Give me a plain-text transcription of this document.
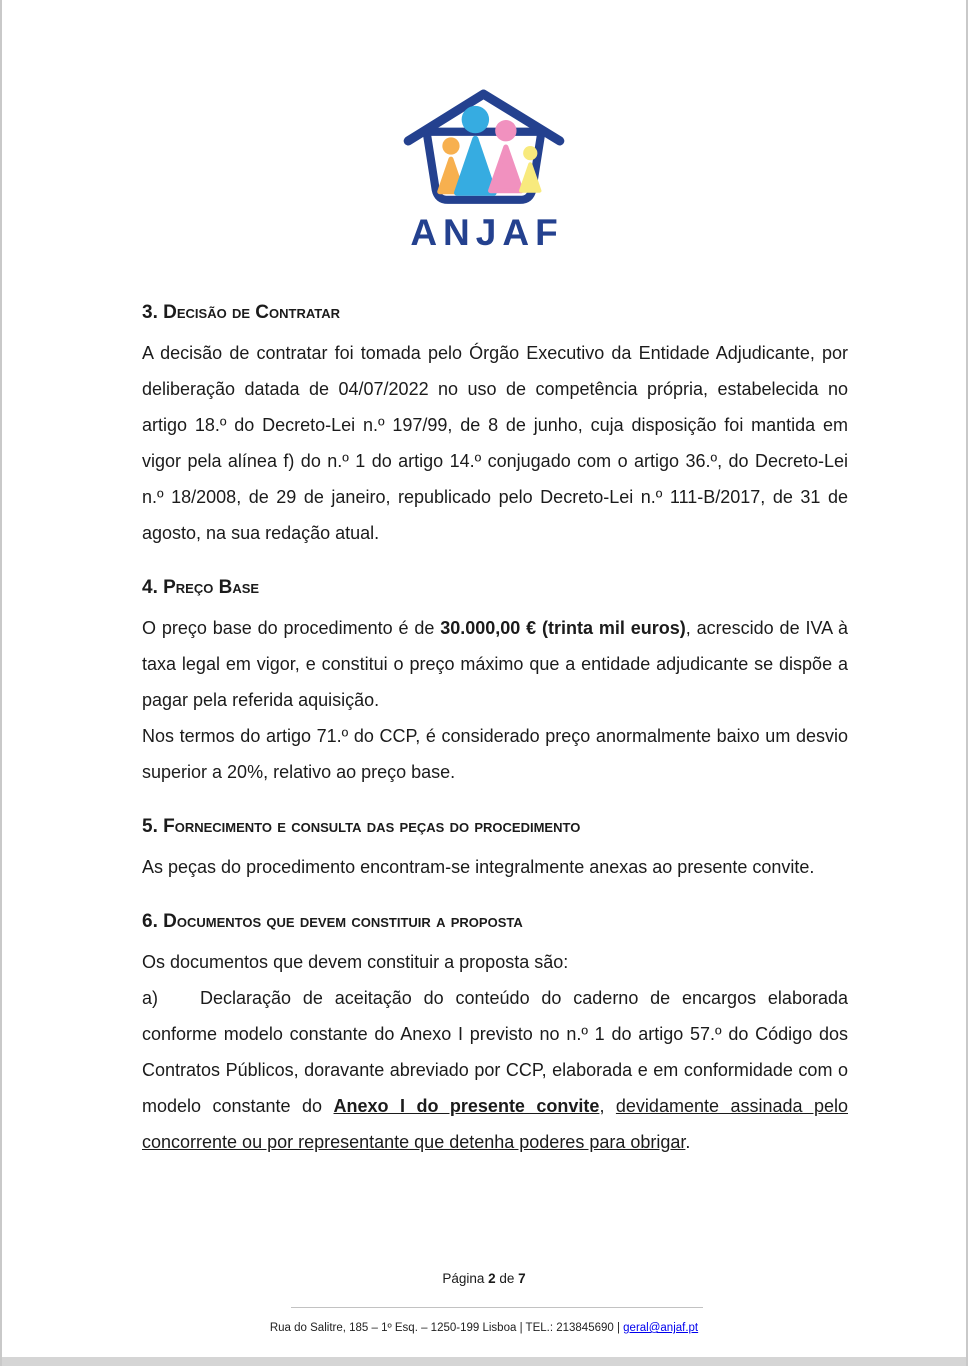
ANJAF
3. Decisão de Contratar

A decisão de contratar foi tomada pelo Órgão Executivo da Entidade Adjudicante, por deliberação datada de 04/07/2022 no uso de competência própria, estabelecida no artigo 18.º do Decreto-Lei n.º 197/99, de 8 de junho, cuja disposição foi mantida em vigor pela alínea f) do n.º 1 do artigo 14.º conjugado com o artigo 36.º, do Decreto-Lei n.º 18/2008, de 29 de janeiro, republicado pelo Decreto-Lei n.º 111-B/2017, de 31 de agosto, na sua redação atual.

4. Preço Base

O preço base do procedimento é de 30.000,00 € (trinta mil euros), acrescido de IVA à taxa legal em vigor, e constitui o preço máximo que a entidade adjudicante se dispõe a pagar pela referida aquisição.

Nos termos do artigo 71.º do CCP, é considerado preço anormalmente baixo um desvio superior a 20%, relativo ao preço base.

5. Fornecimento e consulta das peças do procedimento

As peças do procedimento encontram-se integralmente anexas ao presente convite.

6. Documentos que devem constituir a proposta

Os documentos que devem constituir a proposta são:

a) Declaração de aceitação do conteúdo do caderno de encargos elaborada conforme modelo constante do Anexo I previsto no n.º 1 do artigo 57.º do Código dos Contratos Públicos, doravante abreviado por CCP, elaborada e em conformidade com o modelo constante do Anexo I do presente convite, devidamente assinada pelo concorrente ou por representante que detenha poderes para obrigar.

Página 2 de 7
Rua do Salitre, 185 – 1º Esq. – 1250-199 Lisboa | TEL.: 213845690 | geral@anjaf.pt
